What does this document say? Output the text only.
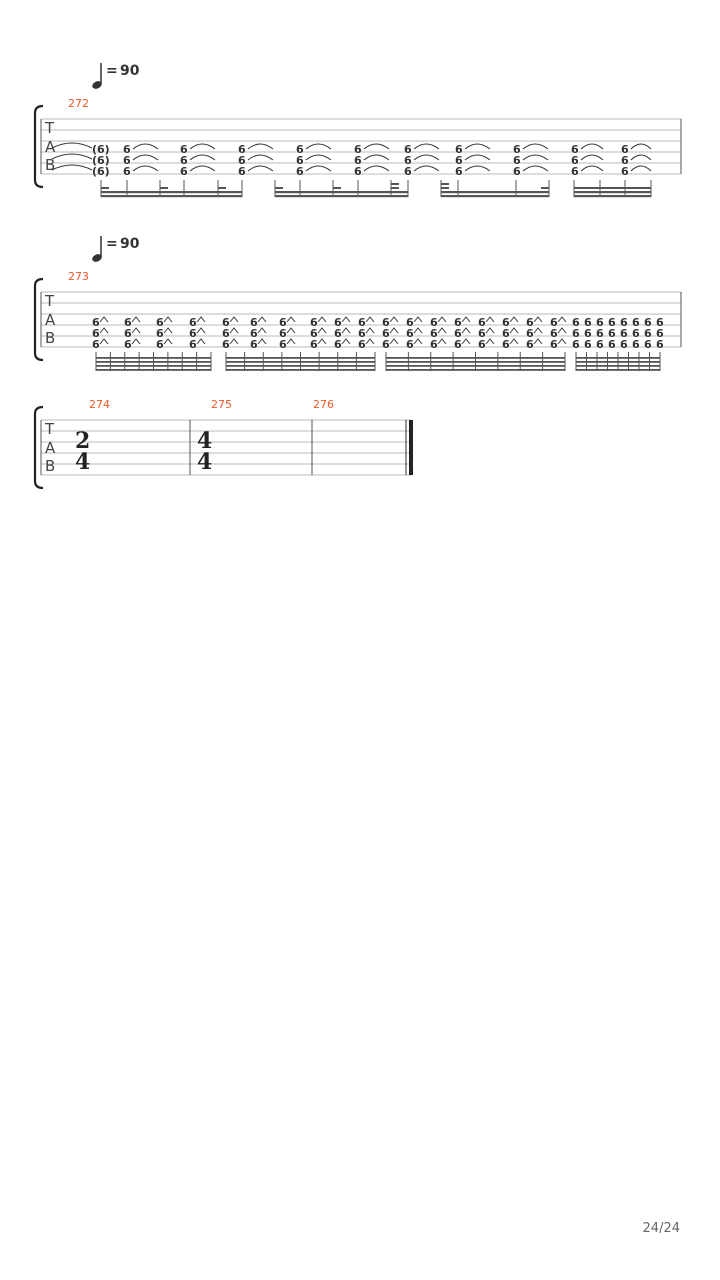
= 90
272
T
A
B
(6)
(6)
(6)
6
6
6
6
6
6
6
6
6
6
6
6
6
6
6
6
6
6
6
6
6
6
6
6
6
6
6
6
6
6
= 90
273
T
A
B
6
6
6
6
6
6
6
6
6
6
6
6
6
6
6
6
6
6
6
6
6
6
6
6
6
6
6
6
6
6
6
6
6
6
6
6
6
6
6
6
6
6
6
6
6
6
6
6
6
6
6
6
6
6
6
6
6
6
6
6
6
6
6
6
6
6
6
6
6
6
6
6
6
6
6
6
6
6
274	275	276
T
A
B
2
4
4
4
24/24
